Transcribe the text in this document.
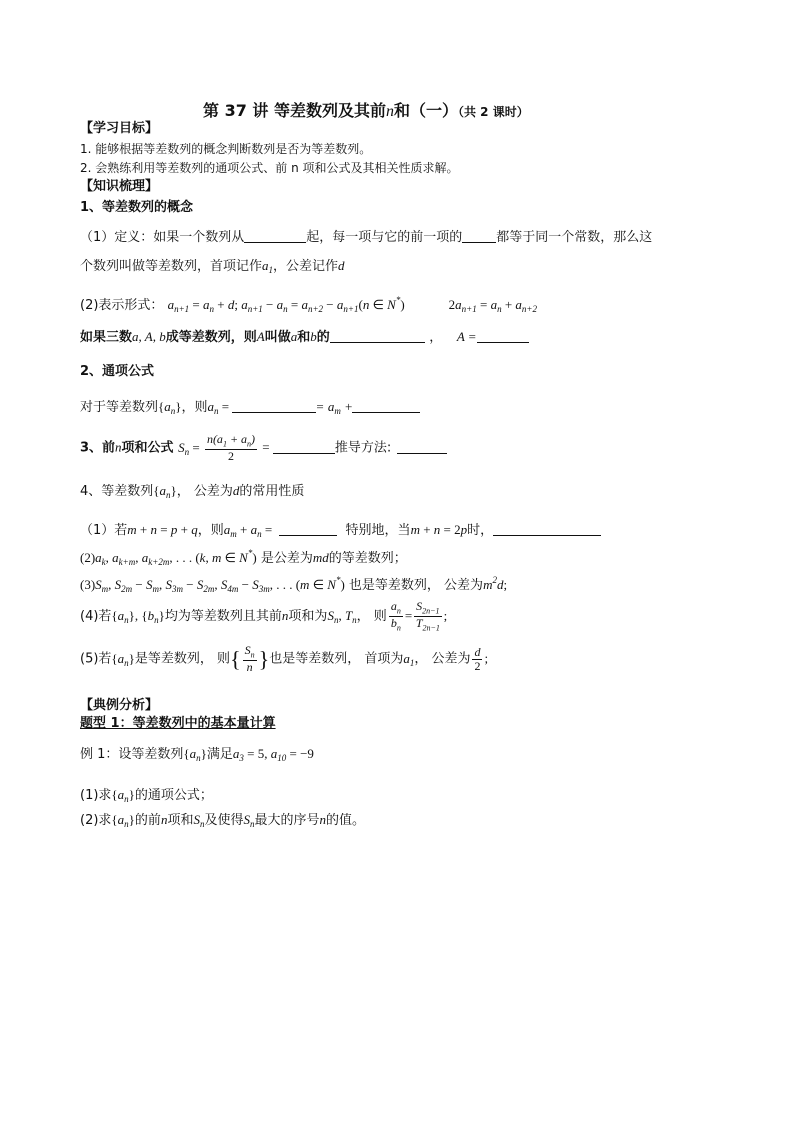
第 37 讲 等差数列及其前n和（一）（共 2 课时）
【学习目标】
1. 能够根据等差数列的概念判断数列是否为等差数列。
2. 会熟练利用等差数列的通项公式、前 n 项和公式及其相关性质求解。
【知识梳理】
1、等差数列的概念
（1）定义：如果一个数列从	起，每一项与它的前一项的	都等于同一个常数，那么这
个数列叫做等差数列，首项记作$a_1$，公差记作d
(2)表示形式： $a_{n+1} = a_n + d$; $a_{n+1} - a_n = a_{n+2} - a_{n+1}(n$ ∈ N*)	$2a_{n+1} = a_n + a_{n+2}$
如果三数a, A, b成等差数列，则A叫做a和b的	， A =
2、通项公式
对于等差数列$\{a_n\}$，则$a_n$ =	= $a_m$ +
3、前n项和公式 $S_n = \frac{n(a_1 + a_n)}{2}$ =	推导方法:
4、等差数列$\{a_n\}$， 公差为d的常用性质
（1）若m + n = p + q，则$a_m + a_n$ =	特别地，当m + n = 2p时，
$(2)a_k$, $a_{k+m}$, $a_{k+2m}$, . . . (k, m ∈ N*) 是公差为md的等差数列；
$(3)S_m$, $S_{2m} - S_m$, $S_{3m} - S_{2m}$, $S_{4m} - S_{3m}$, . . . (m ∈ N*) 也是等差数列， 公差为$m^2d$;
(4)若$\{a_n\}$, $\{b_n\}$均为等差数列且其前n项和为$S_n$, $T_n$， 则 $\frac{a_n}{b_n} = \frac{S_{2n-1}}{T_{2n-1}}$ ;
(5)若$\{a_n\}$是等差数列， 则{ $\frac{S_n}{n}$ }也是等差数列， 首项为$a_1$， 公差为 $\frac{d}{2}$ ;
【典例分析】
题型 1：等差数列中的基本量计算
例 1：设等差数列$\{a_n\}$满足$a_3 = 5$, $a_{10} = -9$
(1)求$\{a_n\}$的通项公式；
(2)求$\{a_n\}$的前n项和$S_n$及使得$S_n$最大的序号n的值。
